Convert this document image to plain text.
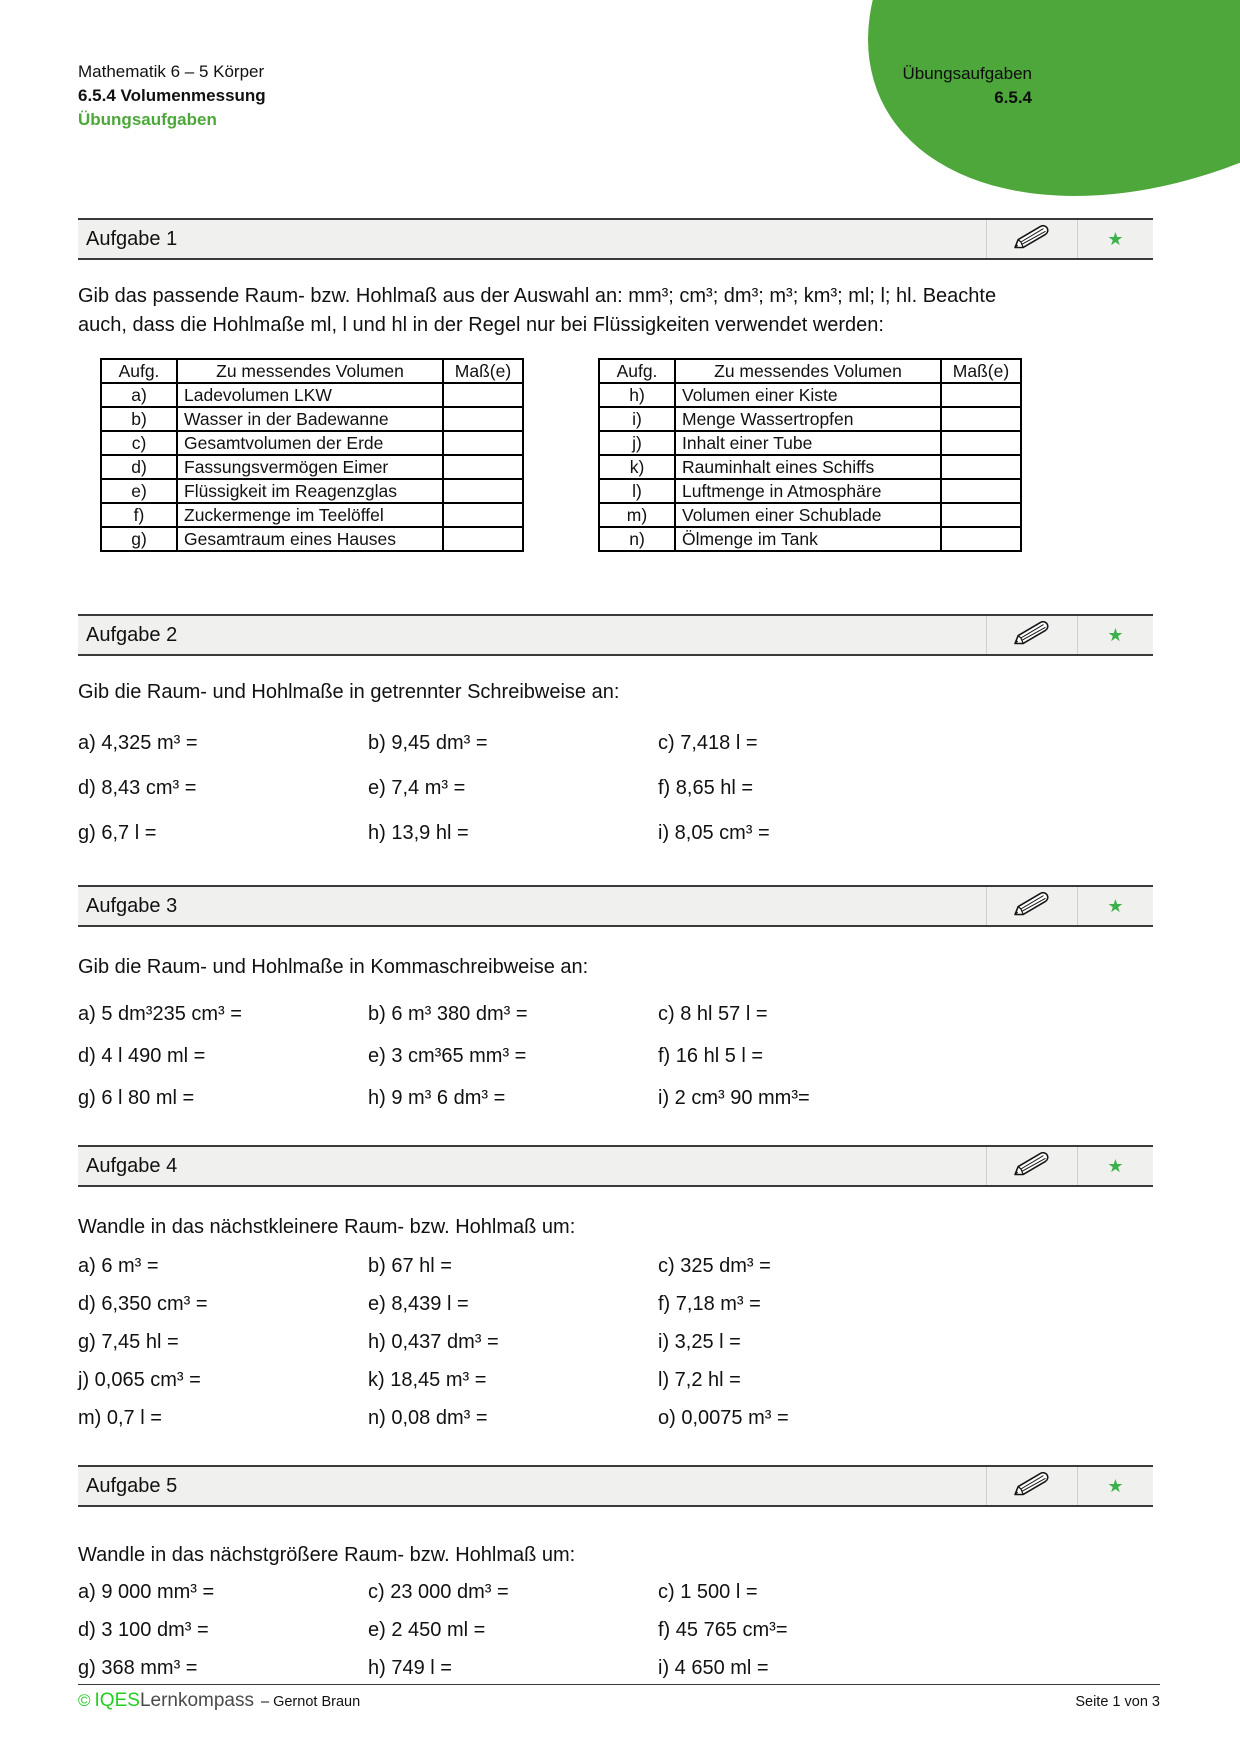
Mathematik 6 – 5 Körper
6.5.4 Volumenmessung
Übungsaufgaben
Übungsaufgaben
6.5.4
Aufgabe 1	★
Gib das passende Raum- bzw. Hohlmaß aus der Auswahl an: mm³; cm³; dm³; m³; km³; ml; l; hl. Beachte auch, dass die Hohlmaße ml, l und hl in der Regel nur bei Flüssigkeiten verwendet werden:
Aufg.	Zu messendes Volumen	Maß(e)
a)	Ladevolumen LKW	
b)	Wasser in der Badewanne	
c)	Gesamtvolumen der Erde	
d)	Fassungsvermögen Eimer	
e)	Flüssigkeit im Reagenzglas	
f)	Zuckermenge im Teelöffel	
g)	Gesamtraum eines Hauses	
Aufg.	Zu messendes Volumen	Maß(e)
h)	Volumen einer Kiste	
i)	Menge Wassertropfen	
j)	Inhalt einer Tube	
k)	Rauminhalt eines Schiffs	
l)	Luftmenge in Atmosphäre	
m)	Volumen einer Schublade	
n)	Ölmenge im Tank	
Aufgabe 2	★
Gib die Raum- und Hohlmaße in getrennter Schreibweise an:
a) 4,325 m³ =	b) 9,45 dm³ =	c) 7,418 l =
d) 8,43 cm³ =	e) 7,4 m³ =	f) 8,65 hl =
g) 6,7 l =	h) 13,9 hl =	i) 8,05 cm³ =
Aufgabe 3	★
Gib die Raum- und Hohlmaße in Kommaschreibweise an:
a) 5 dm³235 cm³ =	b) 6 m³ 380 dm³ =	c) 8 hl 57 l =
d) 4 l 490 ml =	e) 3 cm³65 mm³ =	f) 16 hl 5 l =
g) 6 l 80 ml =	h) 9 m³ 6 dm³ =	i) 2 cm³ 90 mm³=
Aufgabe 4	★
Wandle in das nächstkleinere Raum- bzw. Hohlmaß um:
a) 6 m³ =	b) 67 hl =	c) 325 dm³ =
d) 6,350 cm³ =	e) 8,439 l =	f) 7,18 m³ =
g) 7,45 hl =	h) 0,437 dm³ =	i) 3,25 l =
j) 0,065 cm³ =	k) 18,45 m³ =	l) 7,2 hl =
m) 0,7 l =	n) 0,08 dm³ =	o) 0,0075 m³ =
Aufgabe 5	★
Wandle in das nächstgrößere Raum- bzw. Hohlmaß um:
a) 9 000 mm³ =	c) 23 000 dm³ =	c) 1 500 l =
d) 3 100 dm³ =	e) 2 450 ml =	f) 45 765 cm³=
g) 368 mm³ =	h) 749 l =	i) 4 650 ml =
© IQES Lernkompass – Gernot Braun	Seite 1 von 3
